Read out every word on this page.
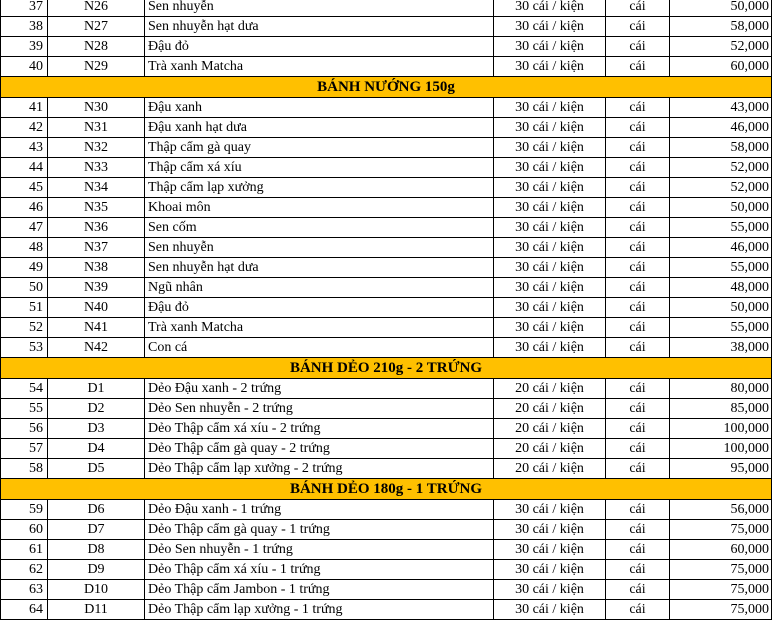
37	N26	Sen nhuyễn	30 cái / kiện	cái	50,000
38	N27	Sen nhuyễn hạt dưa	30 cái / kiện	cái	58,000
39	N28	Đậu đỏ	30 cái / kiện	cái	52,000
40	N29	Trà xanh Matcha	30 cái / kiện	cái	60,000
BÁNH NƯỚNG 150g					
41	N30	Đậu xanh	30 cái / kiện	cái	43,000
42	N31	Đậu xanh hạt dưa	30 cái / kiện	cái	46,000
43	N32	Thập cẩm gà quay	30 cái / kiện	cái	58,000
44	N33	Thập cẩm xá xíu	30 cái / kiện	cái	52,000
45	N34	Thập cẩm lạp xưởng	30 cái / kiện	cái	52,000
46	N35	Khoai môn	30 cái / kiện	cái	50,000
47	N36	Sen cốm	30 cái / kiện	cái	55,000
48	N37	Sen nhuyễn	30 cái / kiện	cái	46,000
49	N38	Sen nhuyễn hạt dưa	30 cái / kiện	cái	55,000
50	N39	Ngũ nhân	30 cái / kiện	cái	48,000
51	N40	Đậu đỏ	30 cái / kiện	cái	50,000
52	N41	Trà xanh Matcha	30 cái / kiện	cái	55,000
53	N42	Con cá	30 cái / kiện	cái	38,000
BÁNH DẺO 210g - 2 TRỨNG					
54	D1	Dẻo Đậu xanh - 2 trứng	20 cái / kiện	cái	80,000
55	D2	Dẻo Sen nhuyễn - 2 trứng	20 cái / kiện	cái	85,000
56	D3	Dẻo Thập cẩm xá xíu - 2 trứng	20 cái / kiện	cái	100,000
57	D4	Dẻo Thập cẩm gà quay - 2 trứng	20 cái / kiện	cái	100,000
58	D5	Dẻo Thập cẩm lạp xưởng - 2 trứng	20 cái / kiện	cái	95,000
BÁNH DẺO 180g - 1 TRỨNG					
59	D6	Dẻo Đậu xanh - 1 trứng	30 cái / kiện	cái	56,000
60	D7	Dẻo Thập cẩm gà quay - 1 trứng	30 cái / kiện	cái	75,000
61	D8	Dẻo Sen nhuyễn - 1 trứng	30 cái / kiện	cái	60,000
62	D9	Dẻo Thập cẩm xá xíu - 1 trứng	30 cái / kiện	cái	75,000
63	D10	Dẻo Thập cẩm Jambon - 1 trứng	30 cái / kiện	cái	75,000
64	D11	Dẻo Thập cẩm lạp xưởng - 1 trứng	30 cái / kiện	cái	75,000
